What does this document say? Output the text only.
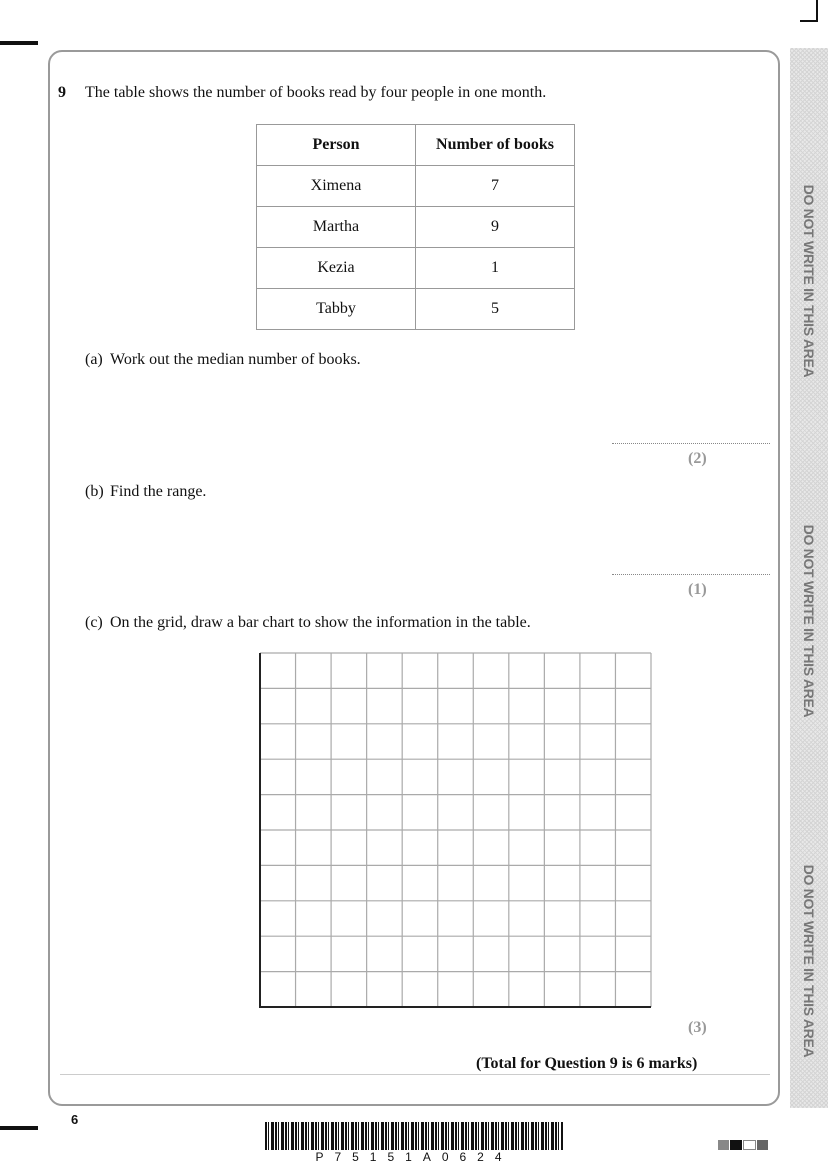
DO NOT WRITE IN THIS AREA
DO NOT WRITE IN THIS AREA
DO NOT WRITE IN THIS AREA
9 The table shows the number of books read by four people in one month.
Person	Number of books
Ximena	7
Martha	9
Kezia	1
Tabby	5
(a) Work out the median number of books.
(2)
(b) Find the range.
(1)
(c) On the grid, draw a bar chart to show the information in the table.
(3)
(Total for Question 9 is 6 marks)
6
P75151A0624
